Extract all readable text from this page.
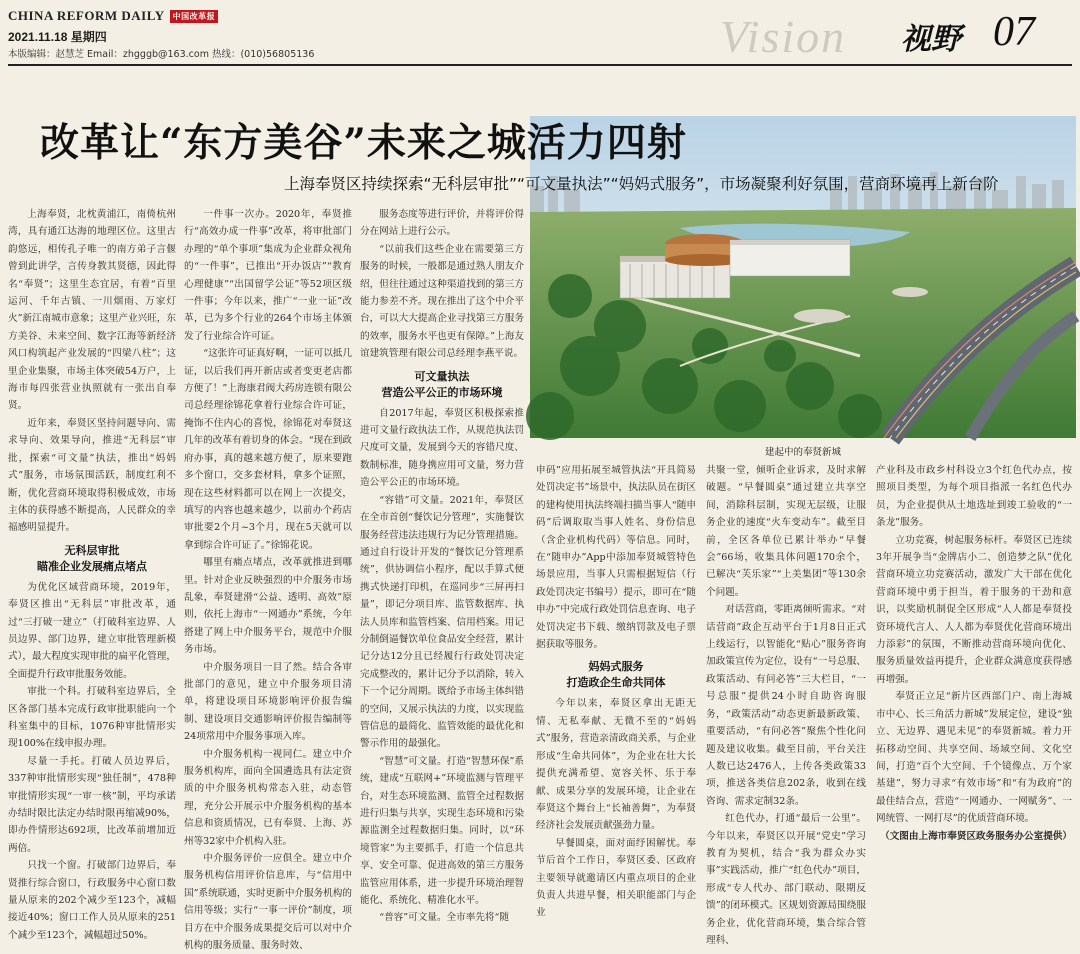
CHINA REFORM DAILY 中国改革报
2021.11.18 星期四
本版编辑：赵慧芝 Email：zhgggb@163.com 热线：(010)56805136	Vision 视野 07
建起中的奉贤新城
改革让“东方美谷”未来之城活力四射
上海奉贤区持续探索“无科层审批”“可文量执法”“妈妈式服务”，市场凝聚利好氛围，营商环境再上新台阶

上海奉贤，北枕黄浦江，南倚杭州湾，具有通江达海的地理区位。这里古韵悠远，相传孔子唯一的南方弟子言偃曾到此讲学，言传身教其贤德，因此得名“奉贤”；这里生态宜居，有着“百里运河、千年古镇、一川烟雨、万家灯火”新江南城市意象；这里产业兴旺，东方美谷、未来空间、数字江海等新经济风口构筑起产业发展的“四梁八柱”；这里企业集聚，市场主体突破54万户，上海市每四张营业执照就有一张出自奉贤。

近年来，奉贤区坚持问题导向、需求导向、效果导向，推进“无科层”审批，探索“可文量”执法，推出“妈妈式”服务，市场氛围活跃，制度红利不断，优化营商环境取得积极成效，市场主体的获得感不断提高，人民群众的幸福感明显提升。

无科层审批
瞄准企业发展痛点堵点

为优化区域营商环境，2019年，奉贤区推出“无科层”审批改革，通过“三打破一建立”（打破科室边界、人员边界、部门边界，建立审批管理新模式），最大程度实现审批的扁平化管理，全面提升行政审批服务效能。

审批一个科。打破科室边界后，全区各部门基本完成行政审批职能向一个科室集中的目标，1076种审批情形实现100%在线申报办理。

尽量一手托。打破人员边界后，337种审批情形实现“独任制”，478种审批情形实现“一审一核”制，平均承诺办结时限比法定办结时限再缩减90%，即办件情形达692项，比改革前增加近两倍。

只找一个窗。打破部门边界后，奉贤推行综合窗口，行政服务中心窗口数量从原来的202个减少至123个，减幅接近40%；窗口工作人员从原来的251个减少至123个，减幅超过50%。

一件事一次办。2020年，奉贤推行“高效办成一件事”改革，将审批部门办理的“单个事项”集成为企业群众视角的“一件事”，已推出“开办饭店”“教育心理健康”“出国留学公证”等52项区级一件事；今年以来，推广“一业一证”改革，已为多个行业的264个市场主体颁发了行业综合许可证。

“这张许可证真好啊，一证可以抵几证，以后我们再开新店或者变更老店都方便了！”上海康君阀大药房连锁有限公司总经理徐锦花拿着行业综合许可证，掩饰不住内心的喜悦，徐锦花对奉贤这几年的改革有着切身的体会。“现在到政府办事，真的越来越方便了，原来要跑多个窗口，交多套材料，拿多个证照，现在这些材料都可以在网上一次提交，填写的内容也越来越少，以前办个药店审批要2个月~3个月，现在5天就可以拿到综合许可证了。”徐锦花说。

哪里有痛点堵点，改革就推进到哪里。针对企业反映强烈的中介服务市场乱象，奉贤建滑“公益、透明、高效”原则，依托上海市“一网通办”系统，今年搭建了网上中介服务平台，规范中介服务市场。

中介服务项目一目了然。结合各审批部门的意见，建立中介服务项目清单，将建设项目环境影响评价报告编制、建设项目交通影响评价报告编制等24项常用中介服务事项入库。

中介服务机构一视同仁。建立中介服务机构库，面向全国遴选具有法定资质的中介服务机构常态入驻，动态管理，充分公开展示中介服务机构的基本信息和资质情况，已有奉贤、上海、苏州等32家中介机构入驻。

中介服务评价一应俱全。建立中介服务机构信用评价信息库，与“信用中国”系统联通，实时更新中介服务机构的信用等级；实行“一事一评价”制度，项目方在中介服务成果提交后可以对中介机构的服务质量、服务时效、

服务态度等进行评价，并将评价得分在网站上进行公示。

“以前我们这些企业在需要第三方服务的时候，一般都是通过熟人朋友介绍，但往往通过这种渠道找到的第三方能力参差不齐。现在推出了这个中介平台，可以大大提高企业寻找第三方服务的效率，服务水平也更有保障。”上海友谊建筑管理有限公司总经理李燕平说。

可文量执法
营造公平公正的市场环境

自2017年起，奉贤区积极探索推进可文量行政执法工作，从规范执法罚尺度可文量，发展到今天的容错尺度、数制标准，随身携应用可文量，努力营造公平公正的市场环境。

“容错”可文量。2021年，奉贤区在全市首创“餐饮记分管理”，实施餐饮服务经营违法违规行为记分管理措施。通过自行设计开发的“餐饮记分管理系统”，供协调信小程序，配以手算式便携式快递打印机，在巡同步“三屏再扫量”，即记分项目库、监管数据库、执法人员库和监管档案、信用档案。用记分制倒逼餐饮单位食品安全经营，累计记分达12分且已经履行行政处罚决定完成整改的，累计记分予以消除，转入下一个记分周期。既给予市场主体纠错的空间，又展示执法的力度，以实现监管信息的最简化、监管效能的最优化和警示作用的最强化。

“智慧”可文量。打造“智慧环保”系统，建成“互联网+”环境监测与管理平台，对生态环境监测、监管全过程数据进行归集与共享，实现生态环境和污染源监测全过程数据归集。同时，以“环境管家”为主要抓手，打造一个信息共享、安全可靠、促进高效的第三方服务监管应用体系，进一步提升环境治理智能化、系统化、精准化水平。

“普容”可文量。全市率先将“随

申码”应用拓展至城管执法“开具简易处罚决定书”场景中，执法队员在街区的建构使用执法终端扫描当事人“随申码”后调取取当事人姓名、身份信息（含企业机构代码）等信息。同时，在“随申办”App中添加奉贤城管特色场景应用，当事人只需根据短信（行政处罚决定书编号）提示，即可在“随申办”中完成行政处罚信息查询、电子处罚决定书下载、缴纳罚款及电子票据获取等服务。

妈妈式服务
打造政企生命共同体

今年以来，奉贤区拿出无距无情、无私奉献、无微不至的“妈妈式”服务，营造亲清政商关系，与企业形成“生命共同体”，为企业在壮大长提供充满希望、宽容关怀、乐于奉献、成果分享的发展环境，让企业在奉贤这个舞台上“长袖善舞”，为奉贤经济社会发展贡献强劲力量。

早餐圆桌，面对面纾困解忧。奉节后首个工作日，奉贤区委、区政府主要领导就邀请区内重点项目的企业负责人共进早餐，相关职能部门与企业

共聚一堂，倾听企业诉求，及时求解破题。“早餐圆桌”通过建立共享空间，消除科层制，实现无层级，让服务企业的速度“火车变动车”。截至目前，全区各单位已累计举办“早餐会”66场，收集具体问题170余个，已解决“芙乐家”“上美集团”等130余个问题。

对话营商，零距离倾听需求。“对话营商”政企互动平台于1月8日正式上线运行，以智能化“贴心”服务咨询加政策宣传为定位，设有“一号总服、政策活动、有问必答”三大栏目，“一号总服”提供24小时自助咨询服务，“政策活动”动态更新最新政策、重要活动，“有问必答”聚焦个性化问题及建议收集。截至目前，平台关注人数已达2476人，上传各类政策33项，推送各类信息202条，收到在线咨询、需求定制32条。

红色代办，打通“最后一公里”。今年以来，奉贤区以开展“党史”学习教育为契机，结合“我为群众办实事”实践活动，推广“红色代办”项目，形成“专人代办、部门联动、限期反馈”的闭环模式。区规划资源局围绕服务企业，优化营商环境，集合综合管理科、

产业科及市政乡村科设立3个红色代办点，按照项目类型，为每个项目指派一名红色代办员，为企业提供从土地选址到竣工验收的“一条龙”服务。

立功竞赛，树起服务标杆。奉贤区已连续3年开展争当“金牌店小二、创造梦之队”优化营商环境立功竞赛活动，激发广大干部在优化营商环境中勇于担当，着于服务的干劲和意识，以奖励机制促全区形成“人人都是奉贤投资环境代言人、人人都为奉贤优化营商环境出力添彩”的氛围，不断推动营商环境向优化、服务质量效益再提升，企业群众满意度获得感再增强。

奉贤正立足“新片区西部门户、南上海城市中心、长三角活力新城”发展定位，建设“独立、无边界、遇见未见”的奉贤新城。着力开拓移动空间、共享空间、场域空间、文化空间，打造“百个大空间、千个镜像点、万个家基建”，努力寻求“有效市场”和“有为政府”的最佳结合点，营造“一网通办、一网赋务”、一网统管、一网打尽”的优质营商环境。

（文图由上海市奉贤区政务服务办公室提供）
